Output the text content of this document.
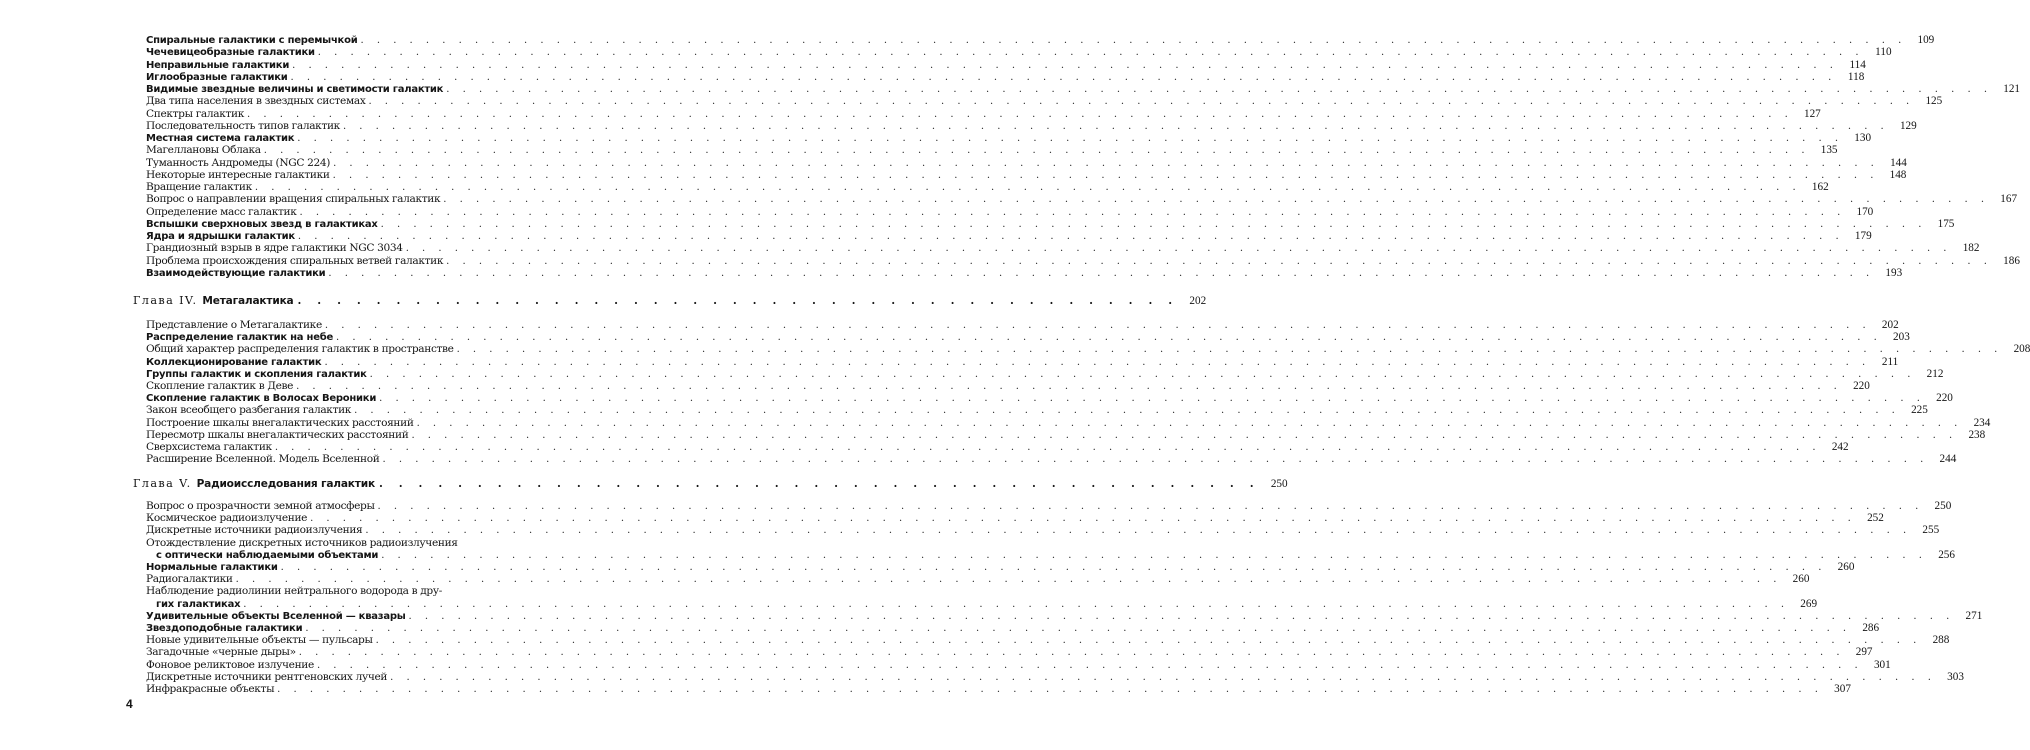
Спиральные галактики с перемычкой . . .	109
Чечевицеобразные галактики . . .	110
Неправильные галактики . . .	114
Иглообразные галактики . . .	118
Видимые звездные величины и светимости галактик . . .	121
Два типа населения в звездных системах . . .	125
Спектры галактик . . .	127
Последовательность типов галактик . . .	129
Местная система галактик . . .	130
Магеллановы Облака . . .	135
Туманность Андромеды (NGC 224) . . .	144
Некоторые интересные галактики . . .	148
Вращение галактик . . .	162
Вопрос о направлении вращения спиральных галактик . . .	167
Определение масс галактик . . .	170
Вспышки сверхновых звезд в галактиках . . .	175
Ядра и ядрышки галактик . . .	179
Грандиозный взрыв в ядре галактики NGC 3034 . . .	182
Проблема происхождения спиральных ветвей галактик . . .	186
Взаимодействующие галактики . . .	193
Глава IV. Метагалактика . . .	202
Представление о Метагалактике . . .	202
Распределение галактик на небе . . .	203
Общий характер распределения галактик в пространстве . . .	208
Коллекционирование галактик . . .	211
Группы галактик и скопления галактик . . .	212
Скопление галактик в Деве . . .	220
Скопление галактик в Волосах Вероники . . .	220
Закон всеобщего разбегания галактик . . .	225
Построение шкалы внегалактических расстояний . . .	234
Пересмотр шкалы внегалактических расстояний . . .	238
Сверхсистема галактик . . .	242
Расширение Вселенной. Модель Вселенной . . .	244
Глава V. Радиоисследования галактик . . .	250
Вопрос о прозрачности земной атмосферы . . .	250
Космическое радиоизлучение . . .	252
Дискретные источники радиоизлучения . . .	255
Отождествление дискретных источников радиоизлучения
с оптически наблюдаемыми объектами . . .	256
Нормальные галактики . . .	260
Радиогалактики . . .	260
Наблюдение радиолинии нейтрального водорода в дру-
гих галактиках . . .	269
Удивительные объекты Вселенной — квазары . . .	271
Звездоподобные галактики . . .	286
Новые удивительные объекты — пульсары . . .	288
Загадочные «черные дыры» . . .	297
Фоновое реликтовое излучение . . .	301
Дискретные источники рентгеновских лучей . . .	303
Инфракрасные объекты . . .	307
4
